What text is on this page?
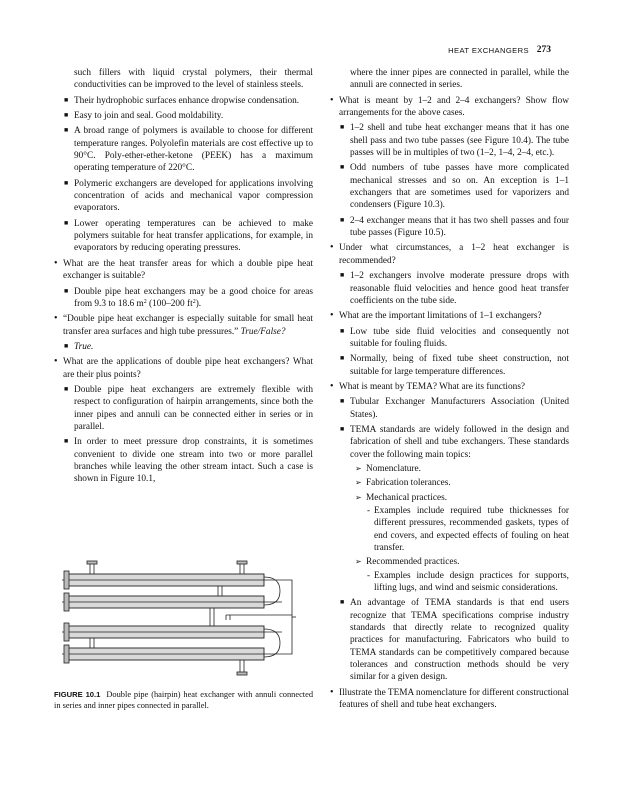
HEAT EXCHANGERS 273

such fillers with liquid crystal polymers, their thermal conductivities can be improved to the level of stainless steels.

■ Their hydrophobic surfaces enhance dropwise condensation.
■ Easy to join and seal. Good moldability.
■ A broad range of polymers is available to choose for different temperature ranges. Polyolefin materials are cost effective up to 90°C. Poly-ether-ether-ketone (PEEK) has a maximum operating temperature of 220°C.
■ Polymeric exchangers are developed for applications involving concentration of acids and mechanical vapor compression evaporators.
■ Lower operating temperatures can be achieved to make polymers suitable for heat transfer applications, for example, in evaporators by reducing operating pressures.
• What are the heat transfer areas for which a double pipe heat exchanger is suitable?
■ Double pipe heat exchangers may be a good choice for areas from 9.3 to 18.6 $m^2$ (100–200 $ft^2$).
• “Double pipe heat exchanger is especially suitable for small heat transfer area surfaces and high tube pressures.” True/False?
■ True.
• What are the applications of double pipe heat exchangers? What are their plus points?
■ Double pipe heat exchangers are extremely flexible with respect to configuration of hairpin arrangements, since both the inner pipes and annuli can be connected either in series or in parallel.
■ In order to meet pressure drop constraints, it is sometimes convenient to divide one stream into two or more parallel branches while leaving the other stream intact. Such a case is shown in Figure 10.1,
FIGURE 10.1 Double pipe (hairpin) heat exchanger with annuli connected in series and inner pipes connected in parallel.

where the inner pipes are connected in parallel, while the annuli are connected in series.

• What is meant by 1–2 and 2–4 exchangers? Show flow arrangements for the above cases.
■ 1–2 shell and tube heat exchanger means that it has one shell pass and two tube passes (see Figure 10.4). The tube passes will be in multiples of two (1–2, 1–4, 2–4, etc.).
■ Odd numbers of tube passes have more complicated mechanical stresses and so on. An exception is 1–1 exchangers that are sometimes used for vaporizers and condensers (Figure 10.3).
■ 2–4 exchanger means that it has two shell passes and four tube passes (Figure 10.5).
• Under what circumstances, a 1–2 heat exchanger is recommended?
■ 1–2 exchangers involve moderate pressure drops with reasonable fluid velocities and hence good heat transfer coefficients on the tube side.
• What are the important limitations of 1–1 exchangers?
■ Low tube side fluid velocities and consequently not suitable for fouling fluids.
■ Normally, being of fixed tube sheet construction, not suitable for large temperature differences.
• What is meant by TEMA? What are its functions?
■ Tubular Exchanger Manufacturers Association (United States).
■ TEMA standards are widely followed in the design and fabrication of shell and tube exchangers. These standards cover the following main topics:
➢ Nomenclature.
➢ Fabrication tolerances.
➢ Mechanical practices.
- Examples include required tube thicknesses for different pressures, recommended gaskets, types of end covers, and expected effects of fouling on heat transfer.
➢ Recommended practices.
- Examples include design practices for supports, lifting lugs, and wind and seismic considerations.
■ An advantage of TEMA standards is that end users recognize that TEMA specifications comprise industry standards that directly relate to recognized quality practices for manufacturing. Fabricators who build to TEMA standards can be competitively compared because tolerances and construction methods should be very similar for a given design.
• Illustrate the TEMA nomenclature for different constructional features of shell and tube heat exchangers.
